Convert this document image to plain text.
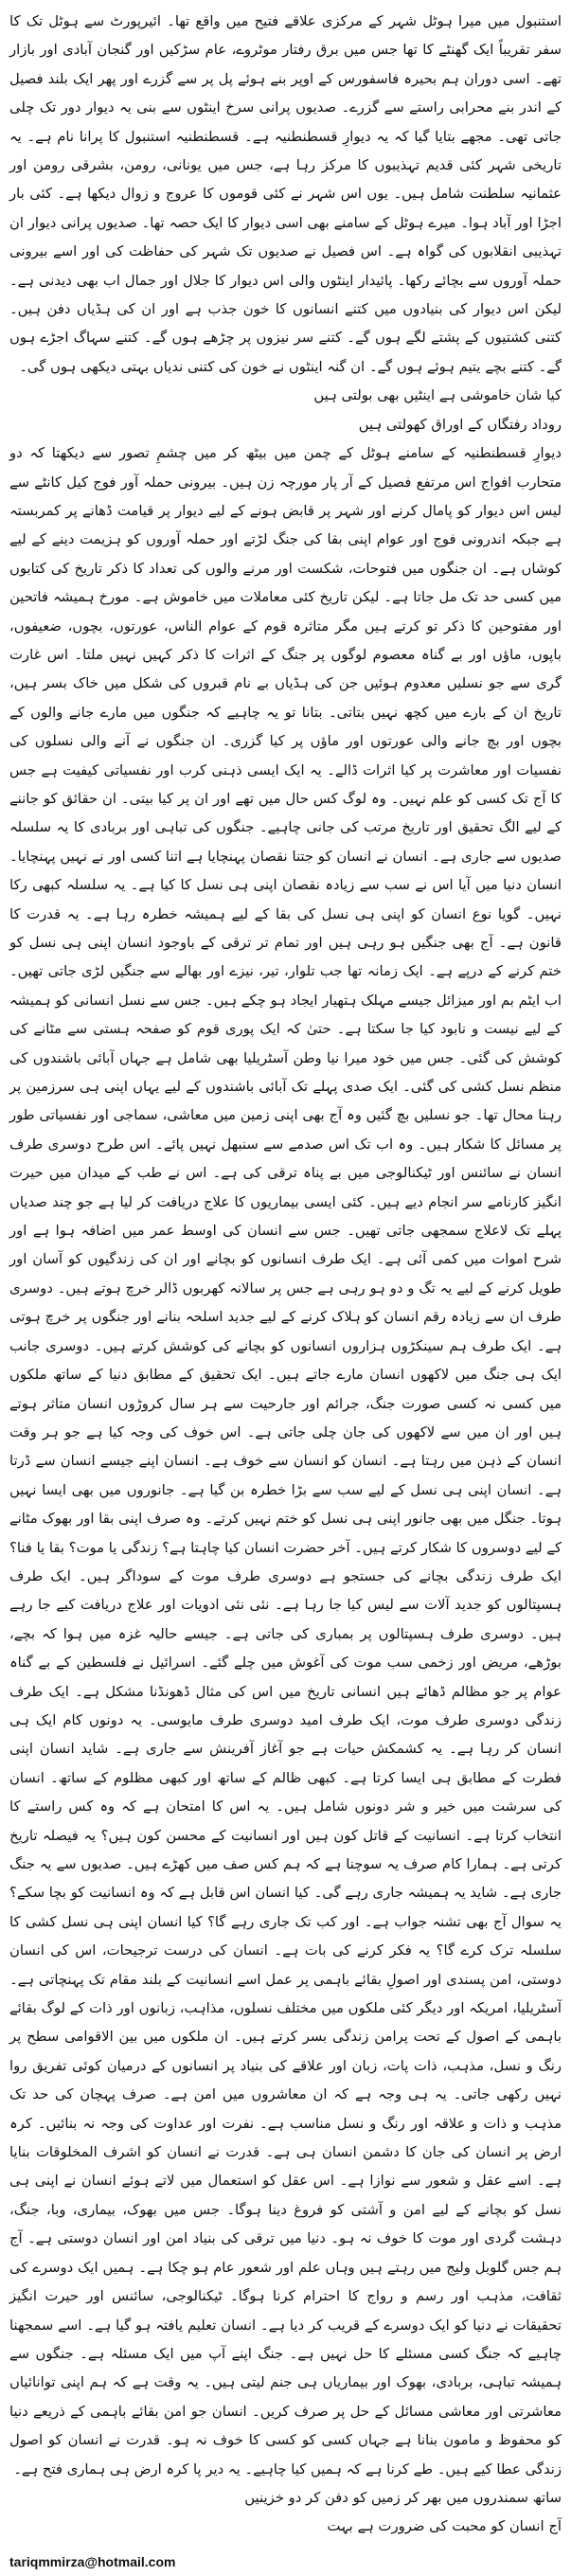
استنبول میں میرا ہوٹل شہر کے مرکزی علاقے فتیح میں واقع تھا۔ ائیرپورٹ سے ہوٹل تک کا سفر تقریباً ایک گھنٹے کا تھا جس میں برق رفتار موٹروے، عام سڑکیں اور گنجان آبادی اور بازار تھے۔ اسی دوران ہم بحیرہ فاسفورس کے اوپر بنے ہوئے پل پر سے گزرے اور پھر ایک بلند فصیل کے اندر بنے محرابی راستے سے گزرے۔ صدیوں پرانی سرخ اینٹوں سے بنی یہ دیوار دور تک چلی جاتی تھی۔ مجھے بتایا گیا کہ یہ دیوارِ قسطنطنیہ ہے۔ قسطنطنیہ استنبول کا پرانا نام ہے۔ یہ تاریخی شہر کئی قدیم تہذیبوں کا مرکز رہا ہے، جس میں یونانی، رومن، بشرقی رومن اور عثمانیہ سلطنت شامل ہیں۔ یوں اس شہر نے کئی قوموں کا عروج و زوال دیکھا ہے۔ کئی بار اجڑا اور آباد ہوا۔ میرے ہوٹل کے سامنے بھی اسی دیوار کا ایک حصہ تھا۔ صدیوں پرانی دیوار ان تہذیبی انقلابوں کی گواہ ہے۔ اس فصیل نے صدیوں تک شہر کی حفاظت کی اور اسے بیرونی حملہ آوروں سے بچائے رکھا۔ پائیدار اینٹوں والی اس دیوار کا جلال اور جمال اب بھی دیدنی ہے۔ لیکن اس دیوار کی بنیادوں میں کتنے انسانوں کا خون جذب ہے اور ان کی ہڈیاں دفن ہیں۔ کتنی کشتیوں کے پشتے لگے ہوں گے۔ کتنے سر نیزوں پر چڑھے ہوں گے۔ کتنے سہاگ اجڑے ہوں گے۔ کتنے بچے یتیم ہوئے ہوں گے۔ ان گنہ اینٹوں نے خون کی کتنی ندیاں بہتی دیکھی ہوں گی۔

کیا شان خاموشی ہے اینٹیں بھی بولتی ہیں

روداد رفتگاں کے اوراق کھولتی ہیں

دیوارِ قسطنطنیہ کے سامنے ہوٹل کے چمن میں بیٹھ کر میں چشمِ تصور سے دیکھتا کہ دو متحارب افواج اس مرتفع فصیل کے آر پار مورچہ زن ہیں۔ بیرونی حملہ آور فوج کیل کانٹے سے لیس اس دیوار کو پامال کرنے اور شہر پر قابض ہونے کے لیے دیوار پر قیامت ڈھانے پر کمربستہ ہے جبکہ اندرونی فوج اور عوام اپنی بقا کی جنگ لڑتے اور حملہ آوروں کو ہزیمت دینے کے لیے کوشاں ہے۔ ان جنگوں میں فتوحات، شکست اور مرنے والوں کی تعداد کا ذکر تاریخ کی کتابوں میں کسی حد تک مل جاتا ہے۔ لیکن تاریخ کئی معاملات میں خاموش ہے۔ مورخ ہمیشہ فاتحین اور مفتوحین کا ذکر تو کرتے ہیں مگر متاثرہ قوم کے عوام الناس، عورتوں، بچوں، ضعیفوں، باپوں، ماؤں اور بے گناہ معصوم لوگوں پر جنگ کے اثرات کا ذکر کہیں نہیں ملتا۔ اس غارت گری سے جو نسلیں معدوم ہوئیں جن کی ہڈیاں بے نام قبروں کی شکل میں خاک بسر ہیں، تاریخ ان کے بارے میں کچھ نہیں بتاتی۔ بتانا تو یہ چاہیے کہ جنگوں میں مارے جانے والوں کے بچوں اور بچ جانے والی عورتوں اور ماؤں پر کیا گزری۔ ان جنگوں نے آنے والی نسلوں کی نفسیات اور معاشرت پر کیا اثرات ڈالے۔ یہ ایک ایسی ذہنی کرب اور نفسیاتی کیفیت ہے جس کا آج تک کسی کو علم نہیں۔ وہ لوگ کس حال میں تھے اور ان پر کیا بیتی۔ ان حقائق کو جاننے کے لیے الگ تحقیق اور تاریخ مرتب کی جانی چاہیے۔ جنگوں کی تباہی اور بربادی کا یہ سلسلہ صدیوں سے جاری ہے۔ انسان نے انسان کو جتنا نقصان پہنچایا ہے اتنا کسی اور نے نہیں پہنچایا۔ انسان دنیا میں آیا اس نے سب سے زیادہ نقصان اپنی ہی نسل کا کیا ہے۔ یہ سلسلہ کبھی رکا نہیں۔ گویا نوع انسان کو اپنی ہی نسل کی بقا کے لیے ہمیشہ خطرہ رہا ہے۔ یہ قدرت کا قانون ہے۔ آج بھی جنگیں ہو رہی ہیں اور تمام تر ترقی کے باوجود انسان اپنی ہی نسل کو ختم کرنے کے درپے ہے۔ ایک زمانہ تھا جب تلوار، تیر، نیزے اور بھالے سے جنگیں لڑی جاتی تھیں۔ اب ایٹم بم اور میزائل جیسے مہلک ہتھیار ایجاد ہو چکے ہیں۔ جس سے نسل انسانی کو ہمیشہ کے لیے نیست و نابود کیا جا سکتا ہے۔ حتیٰ کہ ایک پوری قوم کو صفحہ ہستی سے مٹانے کی کوشش کی گئی۔ جس میں خود میرا نیا وطن آسٹریلیا بھی شامل ہے جہاں آبائی باشندوں کی منظم نسل کشی کی گئی۔ ایک صدی پہلے تک آبائی باشندوں کے لیے یہاں اپنی ہی سرزمین پر رہنا محال تھا۔ جو نسلیں بچ گئیں وہ آج بھی اپنی زمین میں معاشی، سماجی اور نفسیاتی طور پر مسائل کا شکار ہیں۔ وہ اب تک اس صدمے سے سنبھل نہیں پائے۔ اس طرح دوسری طرف انسان نے سائنس اور ٹیکنالوجی میں بے پناہ ترقی کی ہے۔ اس نے طب کے میدان میں حیرت انگیز کارنامے سر انجام دیے ہیں۔ کئی ایسی بیماریوں کا علاج دریافت کر لیا ہے جو چند صدیاں پہلے تک لاعلاج سمجھی جاتی تھیں۔ جس سے انسان کی اوسط عمر میں اضافہ ہوا ہے اور شرح اموات میں کمی آئی ہے۔ ایک طرف انسانوں کو بچانے اور ان کی زندگیوں کو آسان اور طویل کرنے کے لیے یہ تگ و دو ہو رہی ہے جس پر سالانہ کھربوں ڈالر خرچ ہوتے ہیں۔ دوسری طرف ان سے زیادہ رقم انسان کو ہلاک کرنے کے لیے جدید اسلحہ بنانے اور جنگوں پر خرچ ہوتی ہے۔ ایک طرف ہم سینکڑوں ہزاروں انسانوں کو بچانے کی کوشش کرتے ہیں۔ دوسری جانب ایک ہی جنگ میں لاکھوں انسان مارے جاتے ہیں۔ ایک تحقیق کے مطابق دنیا کے ساتھ ملکوں میں کسی نہ کسی صورت جنگ، جرائم اور جارحیت سے ہر سال کروڑوں انسان متاثر ہوتے ہیں اور ان میں سے لاکھوں کی جان چلی جاتی ہے۔ اس خوف کی وجہ کیا ہے جو ہر وقت انسان کے ذہن میں رہتا ہے۔ انسان کو انسان سے خوف ہے۔ انسان اپنے جیسے انسان سے ڈرتا ہے۔ انسان اپنی ہی نسل کے لیے سب سے بڑا خطرہ بن گیا ہے۔ جانوروں میں بھی ایسا نہیں ہوتا۔ جنگل میں بھی جانور اپنی ہی نسل کو ختم نہیں کرتے۔ وہ صرف اپنی بقا اور بھوک مٹانے کے لیے دوسروں کا شکار کرتے ہیں۔ آخر حضرت انسان کیا چاہتا ہے؟ زندگی یا موت؟ بقا یا فنا؟ ایک طرف زندگی بچانے کی جستجو ہے دوسری طرف موت کے سوداگر ہیں۔ ایک طرف ہسپتالوں کو جدید آلات سے لیس کیا جا رہا ہے۔ نئی نئی ادویات اور علاج دریافت کیے جا رہے ہیں۔ دوسری طرف ہسپتالوں پر بمباری کی جاتی ہے۔ جیسے حالیہ غزہ میں ہوا کہ بچے، بوڑھے، مریض اور زخمی سب موت کی آغوش میں چلے گئے۔ اسرائیل نے فلسطین کے بے گناہ عوام پر جو مظالم ڈھائے ہیں انسانی تاریخ میں اس کی مثال ڈھونڈنا مشکل ہے۔ ایک طرف زندگی دوسری طرف موت، ایک طرف امید دوسری طرف مایوسی۔ یہ دونوں کام ایک ہی انسان کر رہا ہے۔ یہ کشمکش حیات ہے جو آغاز آفرینش سے جاری ہے۔ شاید انسان اپنی فطرت کے مطابق ہی ایسا کرتا ہے۔ کبھی ظالم کے ساتھ اور کبھی مظلوم کے ساتھ۔ انسان کی سرشت میں خیر و شر دونوں شامل ہیں۔ یہ اس کا امتحان ہے کہ وہ کس راستے کا انتخاب کرتا ہے۔ انسانیت کے قاتل کون ہیں اور انسانیت کے محسن کون ہیں؟ یہ فیصلہ تاریخ کرتی ہے۔ ہمارا کام صرف یہ سوچنا ہے کہ ہم کس صف میں کھڑے ہیں۔ صدیوں سے یہ جنگ جاری ہے۔ شاید یہ ہمیشہ جاری رہے گی۔ کیا انسان اس قابل ہے کہ وہ انسانیت کو بچا سکے؟ یہ سوال آج بھی تشنہ جواب ہے۔ اور کب تک جاری رہے گا؟ کیا انسان اپنی ہی نسل کشی کا سلسلہ ترک کرے گا؟ یہ فکر کرنے کی بات ہے۔ انسان کی درست ترجیحات، اس کی انسان دوستی، امن پسندی اور اصولِ بقائے باہمی پر عمل اسے انسانیت کے بلند مقام تک پہنچاتی ہے۔ آسٹریلیا، امریکہ اور دیگر کئی ملکوں میں مختلف نسلوں، مذاہب، زبانوں اور ذات کے لوگ بقائے باہمی کے اصول کے تحت پرامن زندگی بسر کرتے ہیں۔ ان ملکوں میں بین الاقوامی سطح پر رنگ و نسل، مذہب، ذات پات، زبان اور علاقے کی بنیاد پر انسانوں کے درمیان کوئی تفریق روا نہیں رکھی جاتی۔ یہ ہی وجہ ہے کہ ان معاشروں میں امن ہے۔ صرف پہچان کی حد تک مذہب و ذات و علاقہ اور رنگ و نسل مناسب ہے۔ نفرت اور عداوت کی وجہ نہ بنائیں۔ کرہ ارض پر انسان کی جان کا دشمن انسان ہی ہے۔ قدرت نے انسان کو اشرف المخلوقات بنایا ہے۔ اسے عقل و شعور سے نوازا ہے۔ اس عقل کو استعمال میں لاتے ہوئے انسان نے اپنی ہی نسل کو بچانے کے لیے امن و آشتی کو فروغ دینا ہوگا۔ جس میں بھوک، بیماری، وبا، جنگ، دہشت گردی اور موت کا خوف نہ ہو۔ دنیا میں ترقی کی بنیاد امن اور انسان دوستی ہے۔ آج ہم جس گلوبل ولیج میں رہتے ہیں وہاں علم اور شعور عام ہو چکا ہے۔ ہمیں ایک دوسرے کی ثقافت، مذہب اور رسم و رواج کا احترام کرنا ہوگا۔ ٹیکنالوجی، سائنس اور حیرت انگیز تحقیقات نے دنیا کو ایک دوسرے کے قریب کر دیا ہے۔ انسان تعلیم یافتہ ہو گیا ہے۔ اسے سمجھنا چاہیے کہ جنگ کسی مسئلے کا حل نہیں ہے۔ جنگ اپنے آپ میں ایک مسئلہ ہے۔ جنگوں سے ہمیشہ تباہی، بربادی، بھوک اور بیماریاں ہی جنم لیتی ہیں۔ یہ وقت ہے کہ ہم اپنی توانائیاں معاشرتی اور معاشی مسائل کے حل پر صرف کریں۔ انسان جو امن بقائے باہمی کے ذریعے دنیا کو محفوظ و مامون بنانا ہے جہاں کسی کو کسی کا خوف نہ ہو۔ قدرت نے انسان کو اصول زندگی عطا کیے ہیں۔ طے کرنا ہے کہ ہمیں کیا چاہیے۔ یہ دیر پا کرہ ارض ہی ہماری فتح ہے۔

ساتھ سمندروں میں بھر کر زمیں کو دفن کر دو خزینیں

آج انسان کو محبت کی ضرورت ہے بہت

tariqmmirza@hotmail.com
